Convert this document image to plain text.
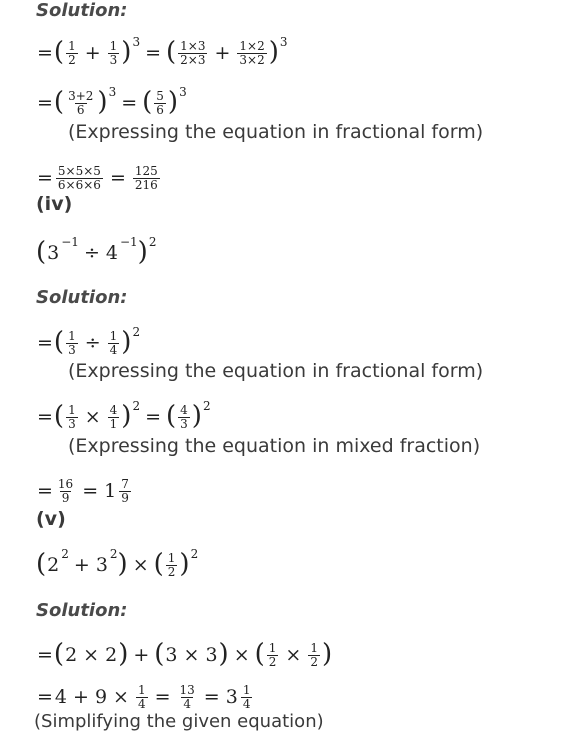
Solution:
= ( $\frac{1}{2} + \frac{1}{3}$ ) 3 = ( $\frac{1\times 3}{2\times 3} + \frac{1\times 2}{3\times 2}$ ) 3
= ( $\frac{3+2}{6}$ ) 3 = ( $\frac{5}{6}$ ) 3
(Expressing the equation in fractional form)
= $\frac{5\times 5\times 5}{6\times 6\times 6} = \frac{125}{216}$
(iv)
( 3 −1 ÷ 4 −1 ) 2
Solution:
= ( $\frac{1}{3} \div \frac{1}{4}$ ) 2
(Expressing the equation in fractional form)
= ( $\frac{1}{3} \times \frac{4}{1}$ ) 2 = ( $\frac{4}{3}$ ) 2
(Expressing the equation in mixed fraction)
= $\frac{16}{9} = 1 \frac{7}{9}$
(v)
( 2 2 + 3 2 ) × ( $\frac{1}{2}$ ) 2
Solution:
= ( 2 × 2 ) + ( 3 × 3 ) × ( $\frac{1}{2} \times \frac{1}{2}$ )
= $4 + 9 \times \frac{1}{4} = \frac{13}{4} = 3 \frac{1}{4}$
(Simplifying the given equation)
